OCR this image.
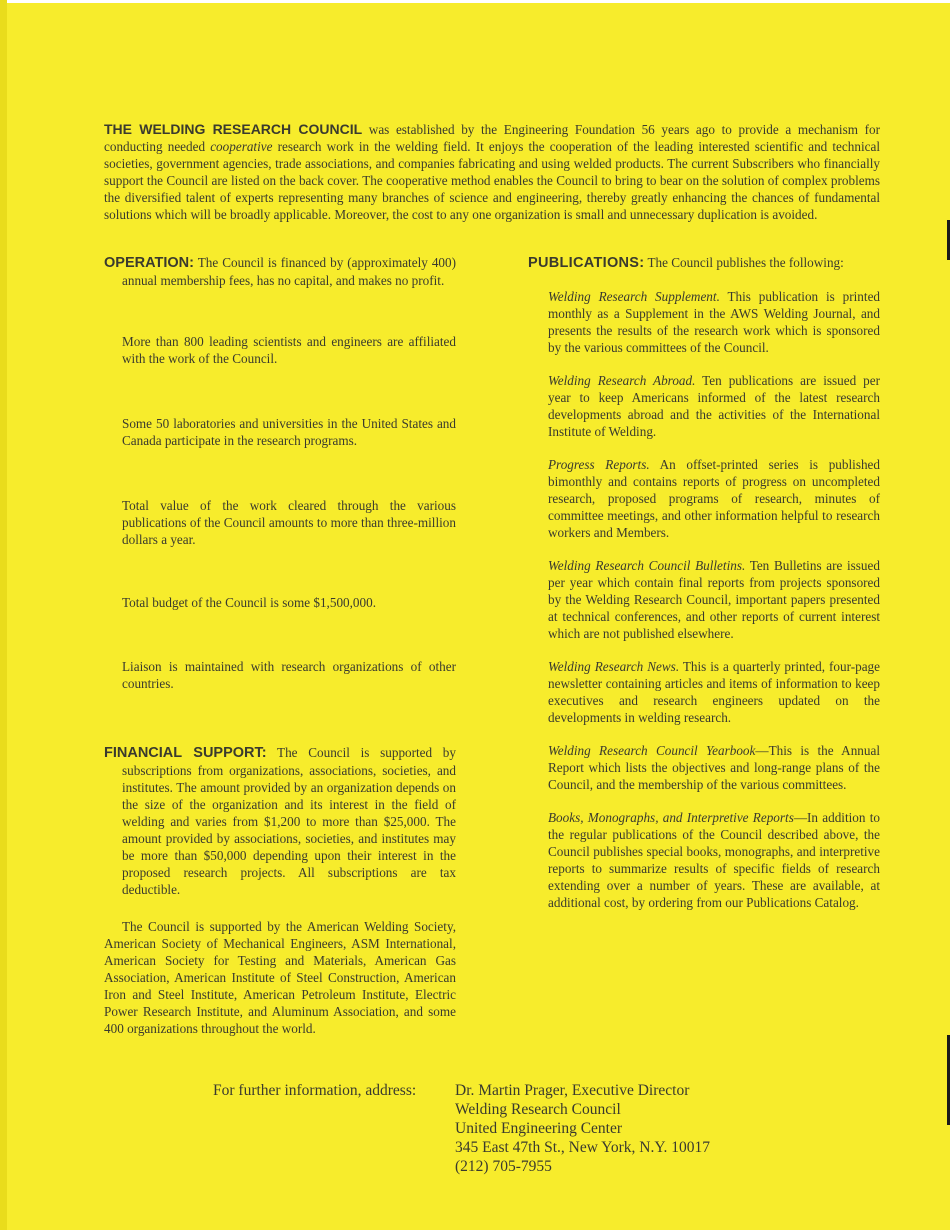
THE WELDING RESEARCH COUNCIL was established by the Engineering Foundation 56 years ago to provide a mechanism for conducting needed cooperative research work in the welding field. It enjoys the cooperation of the leading interested scientific and technical societies, government agencies, trade associations, and companies fabricating and using welded products. The current Subscribers who financially support the Council are listed on the back cover. The cooperative method enables the Council to bring to bear on the solution of complex problems the diversified talent of experts representing many branches of science and engineering, thereby greatly enhancing the chances of fundamental solutions which will be broadly applicable. Moreover, the cost to any one organization is small and unnecessary duplication is avoided.

OPERATION: The Council is financed by (approximately 400) annual membership fees, has no capital, and makes no profit.

More than 800 leading scientists and engineers are affiliated with the work of the Council.

Some 50 laboratories and universities in the United States and Canada participate in the research programs.

Total value of the work cleared through the various publications of the Council amounts to more than three-million dollars a year.

Total budget of the Council is some $1,500,000.

Liaison is maintained with research organizations of other countries.

FINANCIAL SUPPORT: The Council is supported by subscriptions from organizations, associations, societies, and institutes. The amount provided by an organization depends on the size of the organization and its interest in the field of welding and varies from $1,200 to more than $25,000. The amount provided by associations, societies, and institutes may be more than $50,000 depending upon their interest in the proposed research projects. All subscriptions are tax deductible.

The Council is supported by the American Welding Society, American Society of Mechanical Engineers, ASM International, American Society for Testing and Materials, American Gas Association, American Institute of Steel Construction, American Iron and Steel Institute, American Petroleum Institute, Electric Power Research Institute, and Aluminum Association, and some 400 organizations throughout the world.

PUBLICATIONS: The Council publishes the following:

Welding Research Supplement. This publication is printed monthly as a Supplement in the AWS Welding Journal, and presents the results of the research work which is sponsored by the various committees of the Council.

Welding Research Abroad. Ten publications are issued per year to keep Americans informed of the latest research developments abroad and the activities of the International Institute of Welding.

Progress Reports. An offset-printed series is published bimonthly and contains reports of progress on uncompleted research, proposed programs of research, minutes of committee meetings, and other information helpful to research workers and Members.

Welding Research Council Bulletins. Ten Bulletins are issued per year which contain final reports from projects sponsored by the Welding Research Council, important papers presented at technical conferences, and other reports of current interest which are not published elsewhere.

Welding Research News. This is a quarterly printed, four-page newsletter containing articles and items of information to keep executives and research engineers updated on the developments in welding research.

Welding Research Council Yearbook—This is the Annual Report which lists the objectives and long-range plans of the Council, and the membership of the various committees.

Books, Monographs, and Interpretive Reports—In addition to the regular publications of the Council described above, the Council publishes special books, monographs, and interpretive reports to summarize results of specific fields of research extending over a number of years. These are available, at additional cost, by ordering from our Publications Catalog.

For further information, address:	Dr. Martin Prager, Executive Director
Welding Research Council
United Engineering Center
345 East 47th St., New York, N.Y. 10017
(212) 705-7955
